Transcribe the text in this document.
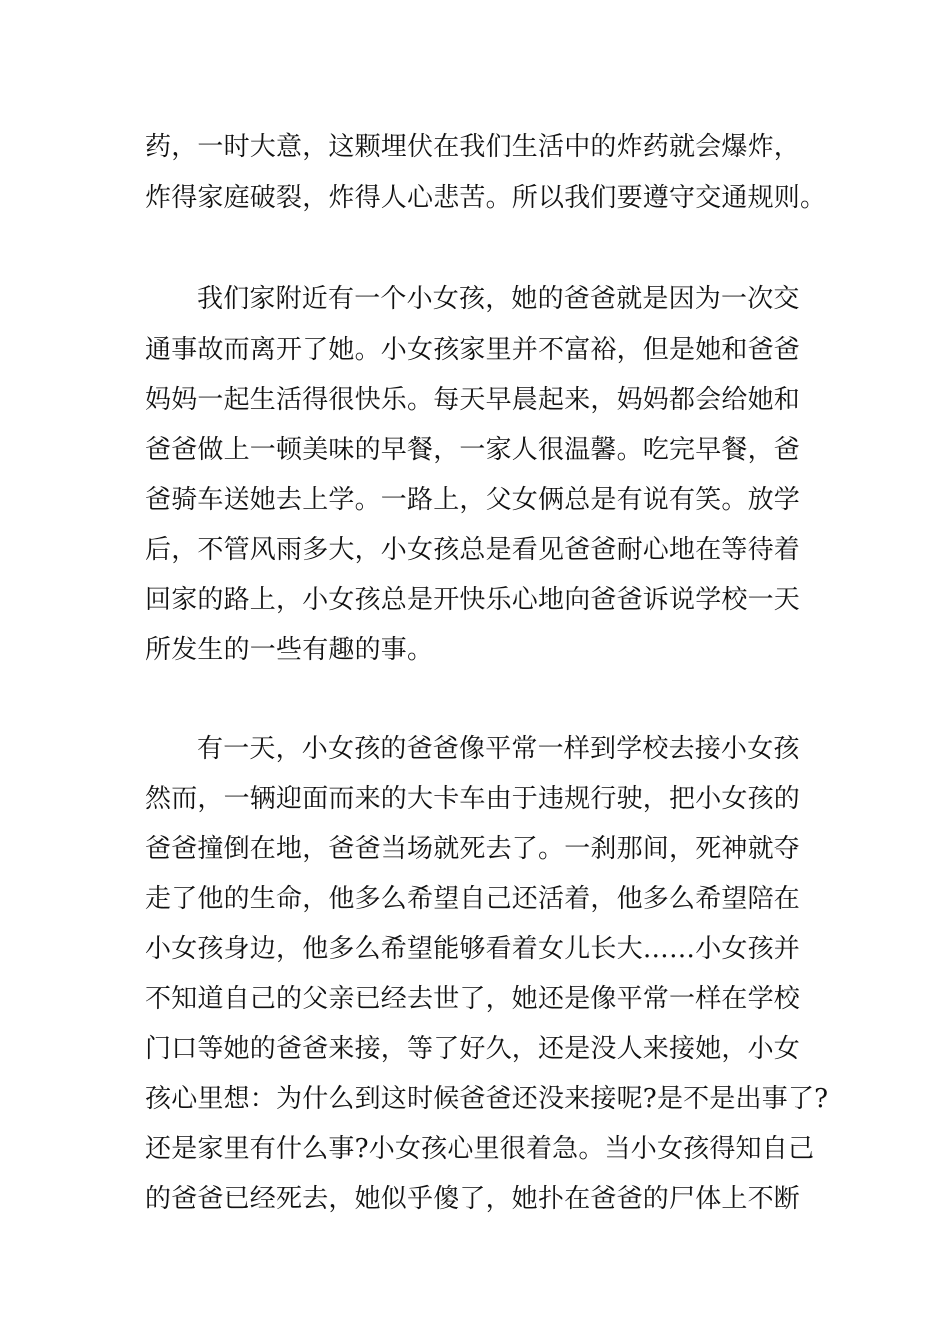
药，一时大意，这颗埋伏在我们生活中的炸药就会爆炸，
炸得家庭破裂，炸得人心悲苦。所以我们要遵守交通规则。
我们家附近有一个小女孩，她的爸爸就是因为一次交
通事故而离开了她。小女孩家里并不富裕，但是她和爸爸
妈妈一起生活得很快乐。每天早晨起来，妈妈都会给她和
爸爸做上一顿美味的早餐，一家人很温馨。吃完早餐，爸
爸骑车送她去上学。一路上，父女俩总是有说有笑。放学
后，不管风雨多大，小女孩总是看见爸爸耐心地在等待着
回家的路上，小女孩总是开快乐心地向爸爸诉说学校一天
所发生的一些有趣的事。
有一天，小女孩的爸爸像平常一样到学校去接小女孩
然而，一辆迎面而来的大卡车由于违规行驶，把小女孩的
爸爸撞倒在地，爸爸当场就死去了。一刹那间，死神就夺
走了他的生命，他多么希望自己还活着，他多么希望陪在
小女孩身边，他多么希望能够看着女儿长大……小女孩并
不知道自己的父亲已经去世了，她还是像平常一样在学校
门口等她的爸爸来接，等了好久，还是没人来接她，小女
孩心里想：为什么到这时候爸爸还没来接呢?是不是出事了?
还是家里有什么事?小女孩心里很着急。当小女孩得知自己
的爸爸已经死去，她似乎傻了，她扑在爸爸的尸体上不断
